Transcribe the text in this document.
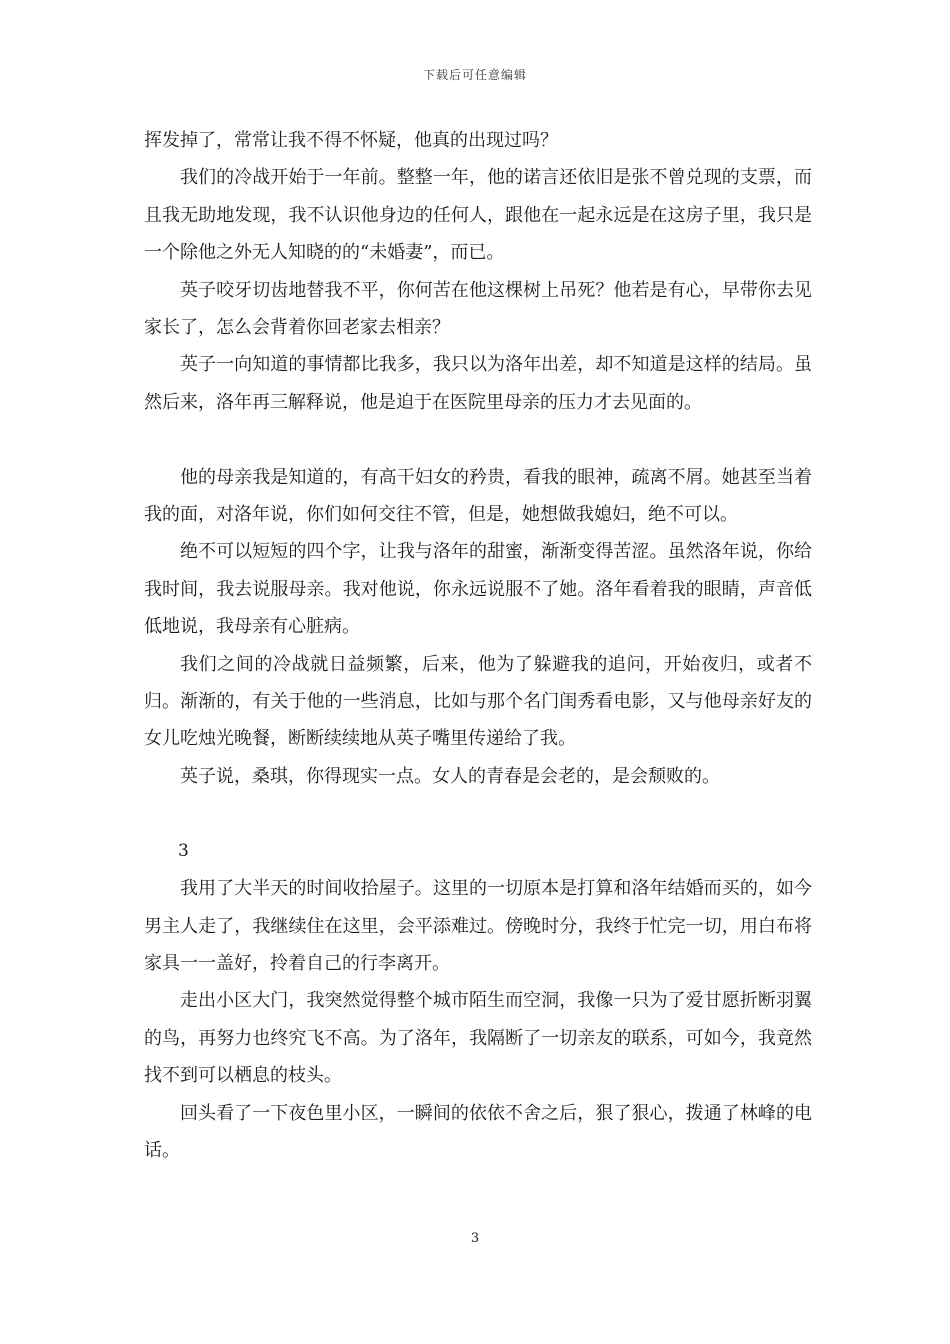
下载后可任意编辑

挥发掉了，常常让我不得不怀疑，他真的出现过吗？

我们的冷战开始于一年前。整整一年，他的诺言还依旧是张不曾兑现的支票，而且我无助地发现，我不认识他身边的任何人，跟他在一起永远是在这房子里，我只是一个除他之外无人知晓的的“未婚妻”，而已。

英子咬牙切齿地替我不平，你何苦在他这棵树上吊死？他若是有心，早带你去见家长了，怎么会背着你回老家去相亲？

英子一向知道的事情都比我多，我只以为洛年出差，却不知道是这样的结局。虽然后来，洛年再三解释说，他是迫于在医院里母亲的压力才去见面的。

他的母亲我是知道的，有高干妇女的矜贵，看我的眼神，疏离不屑。她甚至当着我的面，对洛年说，你们如何交往不管，但是，她想做我媳妇，绝不可以。

绝不可以短短的四个字，让我与洛年的甜蜜，渐渐变得苦涩。虽然洛年说，你给我时间，我去说服母亲。我对他说，你永远说服不了她。洛年看着我的眼睛，声音低低地说，我母亲有心脏病。

我们之间的冷战就日益频繁，后来，他为了躲避我的追问，开始夜归，或者不归。渐渐的，有关于他的一些消息，比如与那个名门闺秀看电影，又与他母亲好友的女儿吃烛光晚餐，断断续续地从英子嘴里传递给了我。

英子说，桑琪，你得现实一点。女人的青春是会老的，是会颓败的。

3

我用了大半天的时间收拾屋子。这里的一切原本是打算和洛年结婚而买的，如今男主人走了，我继续住在这里，会平添难过。傍晚时分，我终于忙完一切，用白布将家具一一盖好，拎着自己的行李离开。

走出小区大门，我突然觉得整个城市陌生而空洞，我像一只为了爱甘愿折断羽翼的鸟，再努力也终究飞不高。为了洛年，我隔断了一切亲友的联系，可如今，我竟然找不到可以栖息的枝头。

回头看了一下夜色里小区，一瞬间的依依不舍之后，狠了狠心，拨通了林峰的电话。

3
